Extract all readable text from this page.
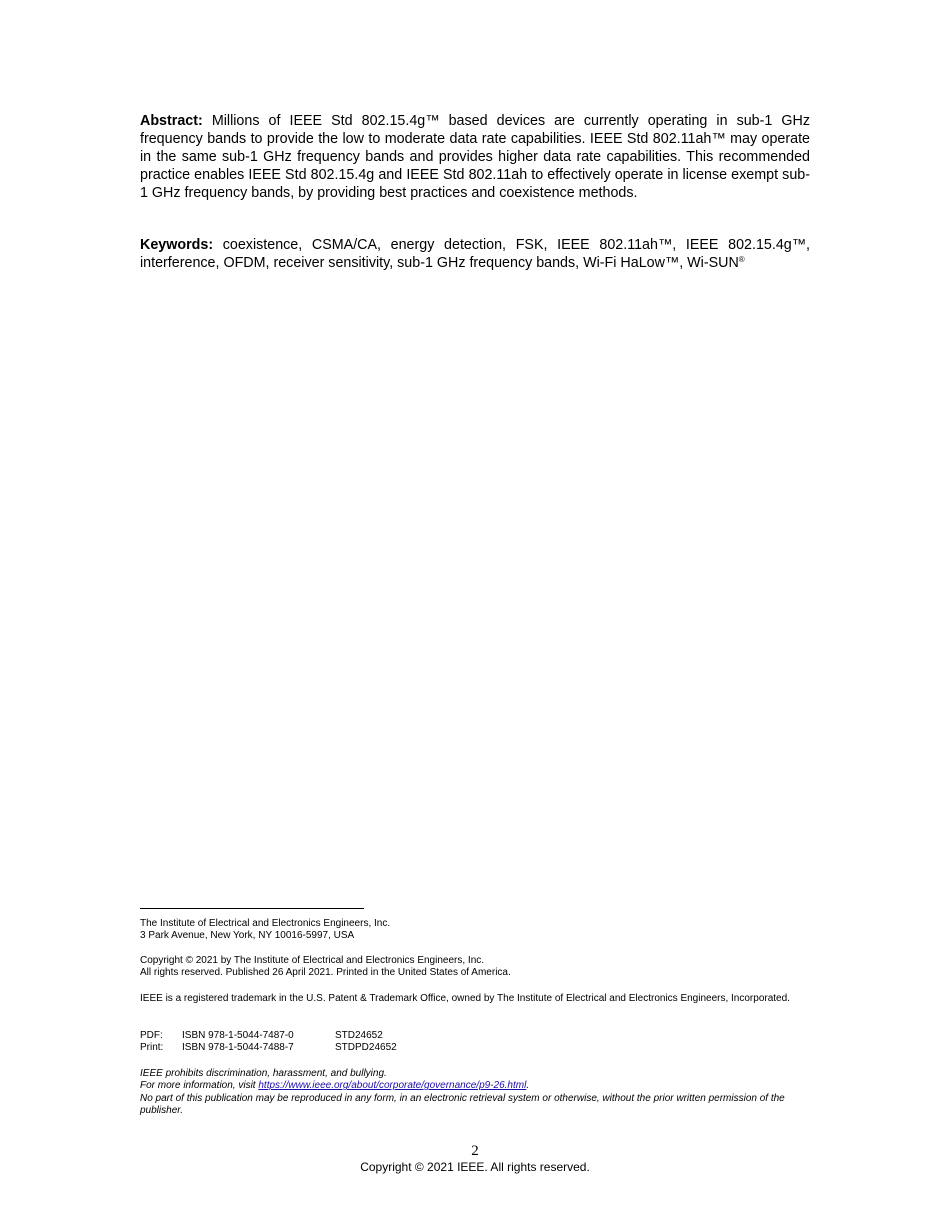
Abstract: Millions of IEEE Std 802.15.4g™ based devices are currently operating in sub-1 GHz frequency bands to provide the low to moderate data rate capabilities. IEEE Std 802.11ah™ may operate in the same sub-1 GHz frequency bands and provides higher data rate capabilities. This recommended practice enables IEEE Std 802.15.4g and IEEE Std 802.11ah to effectively operate in license exempt sub-1 GHz frequency bands, by providing best practices and coexistence methods.

Keywords: coexistence, CSMA/CA, energy detection, FSK, IEEE 802.11ah™, IEEE 802.15.4g™, interference, OFDM, receiver sensitivity, sub-1 GHz frequency bands, Wi-Fi HaLow™, Wi-SUN®

The Institute of Electrical and Electronics Engineers, Inc.
3 Park Avenue, New York, NY 10016-5997, USA
Copyright © 2021 by The Institute of Electrical and Electronics Engineers, Inc.
All rights reserved. Published 26 April 2021. Printed in the United States of America.
IEEE is a registered trademark in the U.S. Patent & Trademark Office, owned by The Institute of Electrical and Electronics Engineers, Incorporated.
PDF:	ISBN 978-1-5044-7487-0	STD24652
Print:	ISBN 978-1-5044-7488-7	STDPD24652
IEEE prohibits discrimination, harassment, and bullying.
For more information, visit https://www.ieee.org/about/corporate/governance/p9-26.html.
No part of this publication may be reproduced in any form, in an electronic retrieval system or otherwise, without the prior written permission of the publisher.
2
Copyright © 2021 IEEE. All rights reserved.
